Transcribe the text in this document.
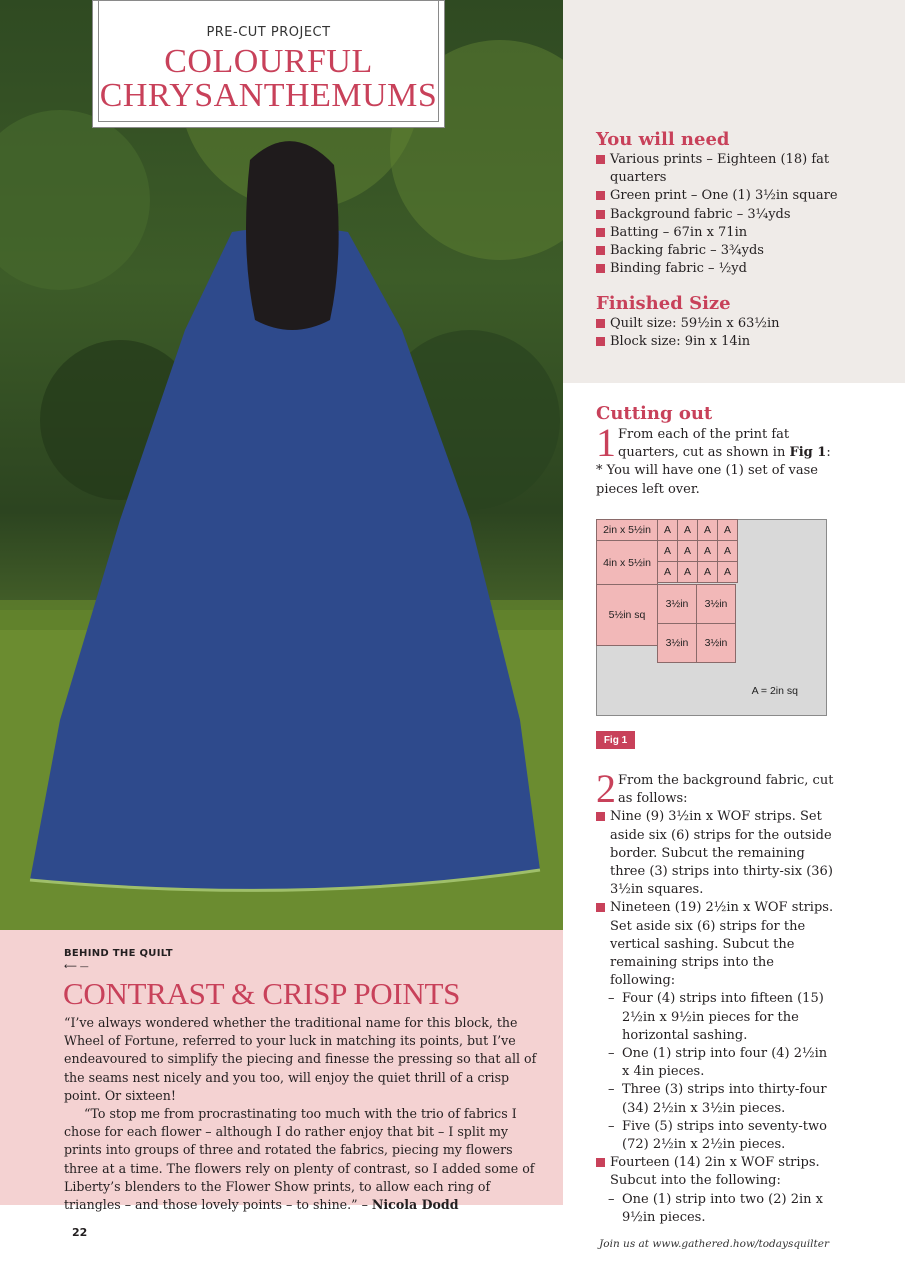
PRE-CUT PROJECT
COLOURFUL
CHRYSANTHEMUMS
You will need
Various prints – Eighteen (18) fat quarters
Green print – One (1) 3½in square
Background fabric – 3¼yds
Batting – 67in x 71in
Backing fabric – 3¾yds
Binding fabric – ½yd
Finished Size
Quilt size: 59½in x 63½in
Block size: 9in x 14in
Cutting out
1 From each of the print fat quarters, cut as shown in Fig 1:
* You will have one (1) set of vase pieces left over.
2in x 5½in
4in x 5½in
5½in sq
A	A	A	A
A	A	A	A
A	A	A	A
3½in	3½in
3½in	3½in
A = 2in sq
Fig 1
2 From the background fabric, cut as follows:
Nine (9) 3½in x WOF strips. Set aside six (6) strips for the outside border. Subcut the remaining three (3) strips into thirty-six (36) 3½in squares.
Nineteen (19) 2½in x WOF strips. Set aside six (6) strips for the vertical sashing. Subcut the remaining strips into the following:
– Four (4) strips into fifteen (15) 2½in x 9½in pieces for the horizontal sashing.
– One (1) strip into four (4) 2½in x 4in pieces.
– Three (3) strips into thirty-four (34) 2½in x 3½in pieces.
– Five (5) strips into seventy-two (72) 2½in x 2½in pieces.
Fourteen (14) 2in x WOF strips. Subcut into the following:
– One (1) strip into two (2) 2in x 9½in pieces.
BEHIND THE QUILT
⟵ —
CONTRAST & CRISP POINTS

“I’ve always wondered whether the traditional name for this block, the Wheel of Fortune, referred to your luck in matching its points, but I’ve endeavoured to simplify the piecing and finesse the pressing so that all of the seams nest nicely and you too, will enjoy the quiet thrill of a crisp point. Or sixteen!

“To stop me from procrastinating too much with the trio of fabrics I chose for each flower – although I do rather enjoy that bit – I split my prints into groups of three and rotated the fabrics, piecing my flowers three at a time. The flowers rely on plenty of contrast, so I added some of Liberty’s blenders to the Flower Show prints, to allow each ring of triangles – and those lovely points – to shine.” – Nicola Dodd

22
Join us at www.gathered.how/todaysquilter
